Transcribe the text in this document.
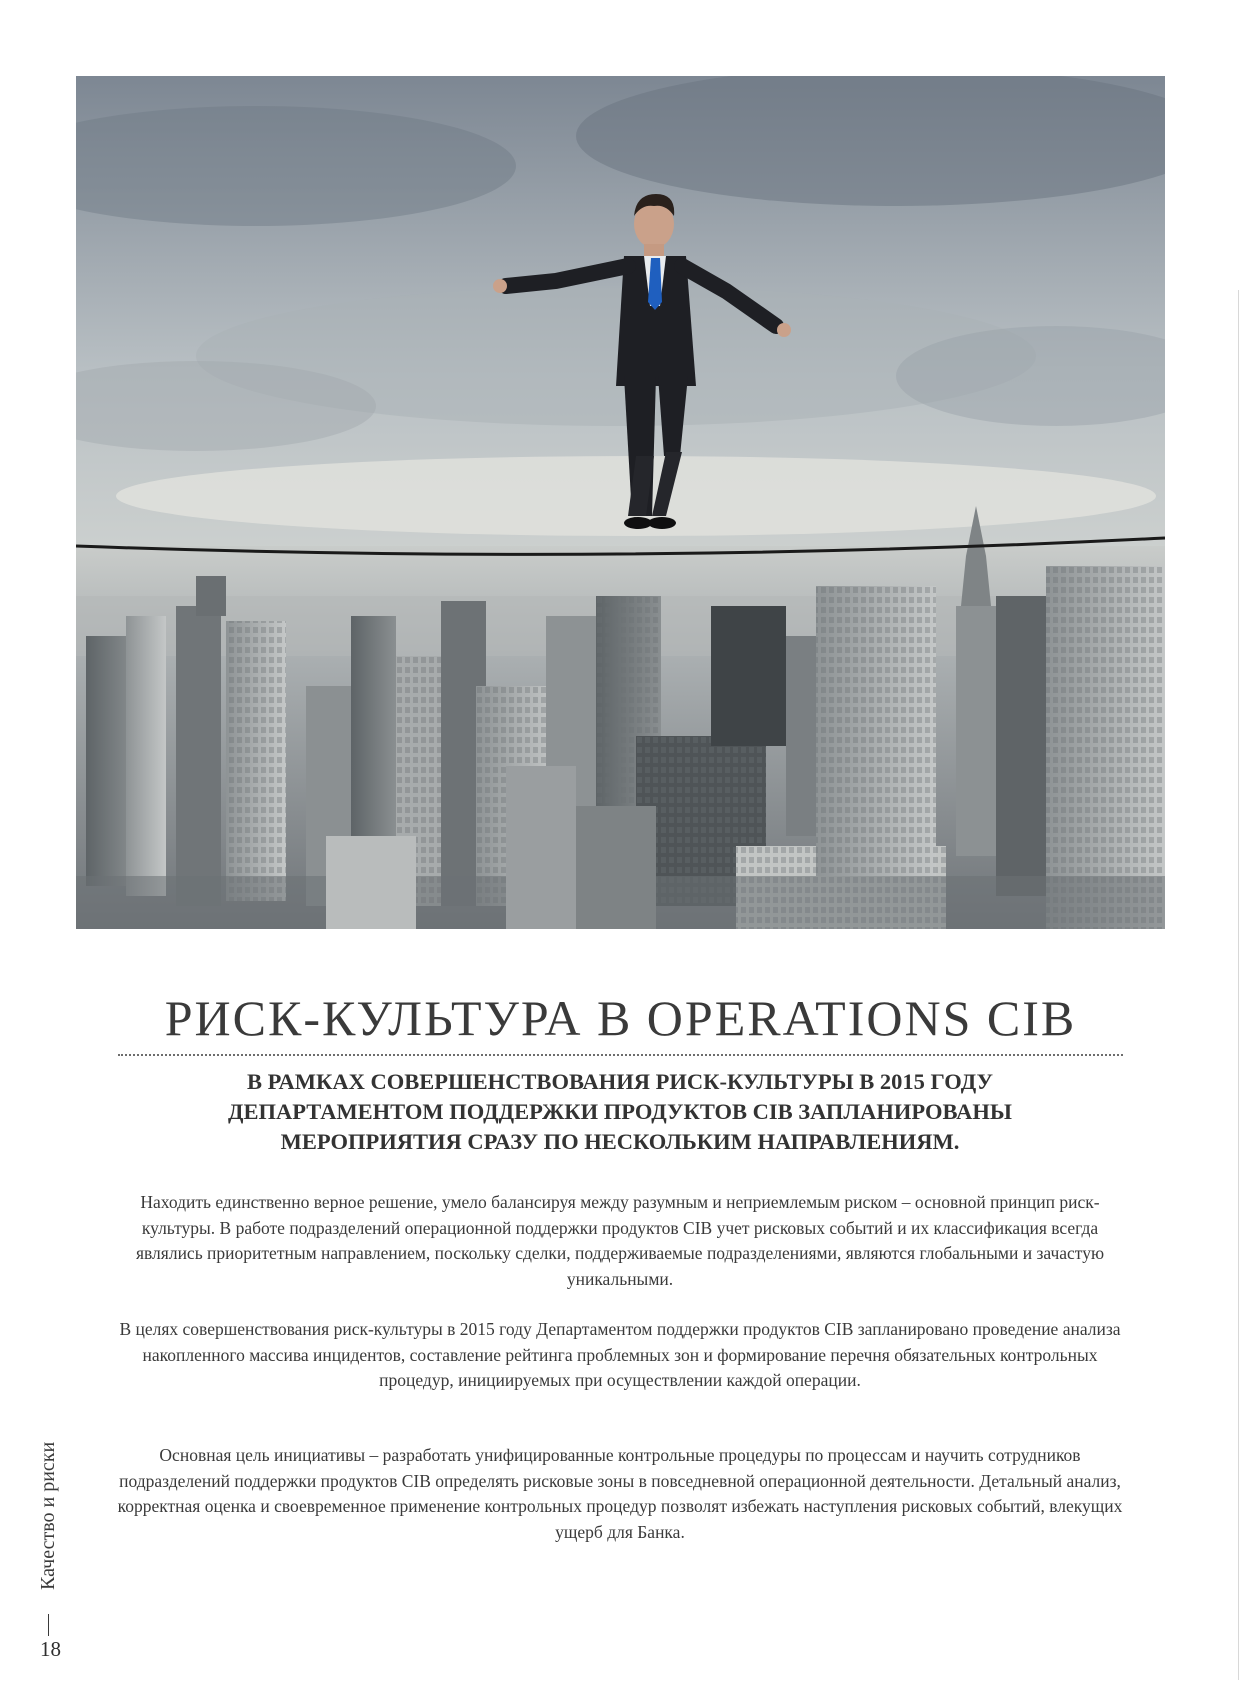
РИСК-КУЛЬТУРА В OPERATIONS CIB

В РАМКАХ СОВЕРШЕНСТВОВАНИЯ РИСК-КУЛЬТУРЫ В 2015 ГОДУ ДЕПАРТАМЕНТОМ ПОДДЕРЖКИ ПРОДУКТОВ CIB ЗАПЛАНИРОВАНЫ МЕРОПРИЯТИЯ СРАЗУ ПО НЕСКОЛЬКИМ НАПРАВЛЕНИЯМ.

Находить единственно верное решение, умело балансируя между разумным и неприемлемым риском – основной принцип риск-культуры. В работе подразделений операционной поддержки продуктов CIB учет рисковых событий и их классификация всегда являлись приоритетным направлением, поскольку сделки, поддерживаемые подразделениями, являются глобальными и зачастую уникальными.

В целях совершенствования риск-культуры в 2015 году Департаментом поддержки продуктов CIB запланировано проведение анализа накопленного массива инцидентов, составление рейтинга проблемных зон и формирование перечня обязательных контрольных процедур, инициируемых при осуществлении каждой операции.

Основная цель инициативы – разработать унифицированные контрольные процедуры по процессам и научить сотрудников подразделений поддержки продуктов CIB определять рисковые зоны в повседневной операционной деятельности. Детальный анализ, корректная оценка и своевременное применение контрольных процедур позволят избежать наступления рисковых событий, влекущих ущерб для Банка.

Качество и риски
18
